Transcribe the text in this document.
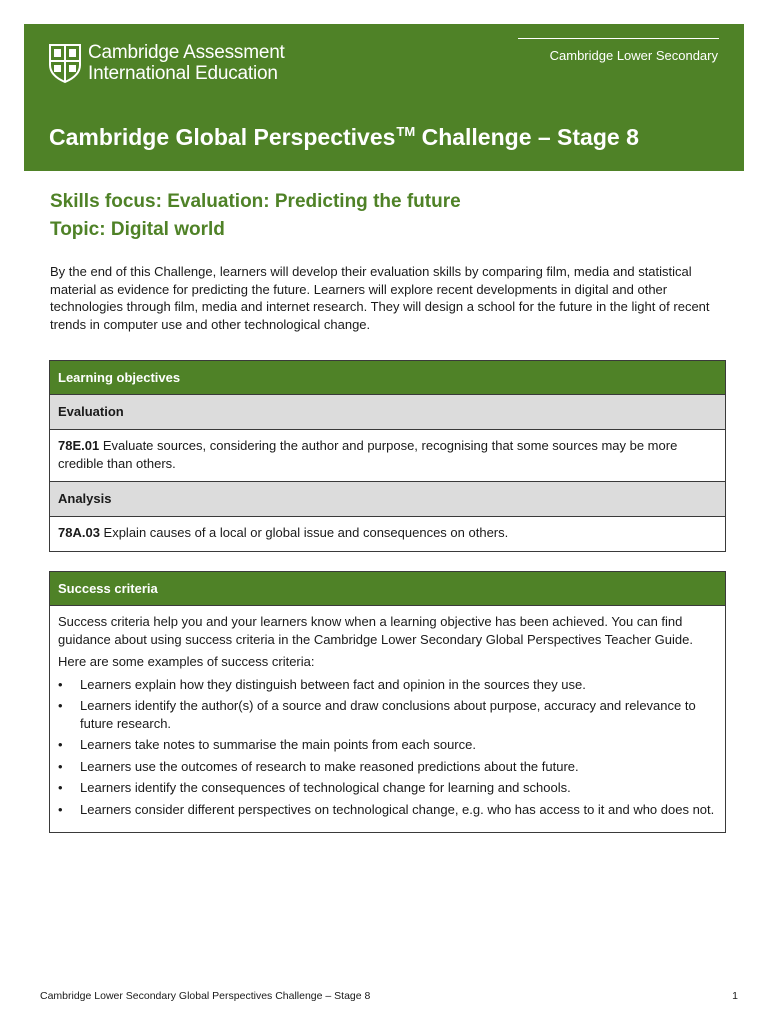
Cambridge Assessment
International Education
Cambridge Lower Secondary
Cambridge Global Perspectives™ Challenge – Stage 8
Skills focus: Evaluation: Predicting the future
Topic: Digital world

By the end of this Challenge, learners will develop their evaluation skills by comparing film, media and statistical material as evidence for predicting the future. Learners will explore recent developments in digital and other technologies through film, media and internet research. They will design a school for the future in the light of recent trends in computer use and other technological change.

Learning objectives
Evaluation
78E.01 Evaluate sources, considering the author and purpose, recognising that some sources may be more credible than others.
Analysis
78A.03 Explain causes of a local or global issue and consequences on others.
Success criteria

Success criteria help you and your learners know when a learning objective has been achieved. You can find guidance about using success criteria in the Cambridge Lower Secondary Global Perspectives Teacher Guide.

Here are some examples of success criteria:

• Learners explain how they distinguish between fact and opinion in the sources they use.
• Learners identify the author(s) of a source and draw conclusions about purpose, accuracy and relevance to future research.
• Learners take notes to summarise the main points from each source.
• Learners use the outcomes of research to make reasoned predictions about the future.
• Learners identify the consequences of technological change for learning and schools.
• Learners consider different perspectives on technological change, e.g. who has access to it and who does not.
Cambridge Lower Secondary Global Perspectives Challenge – Stage 8	1
